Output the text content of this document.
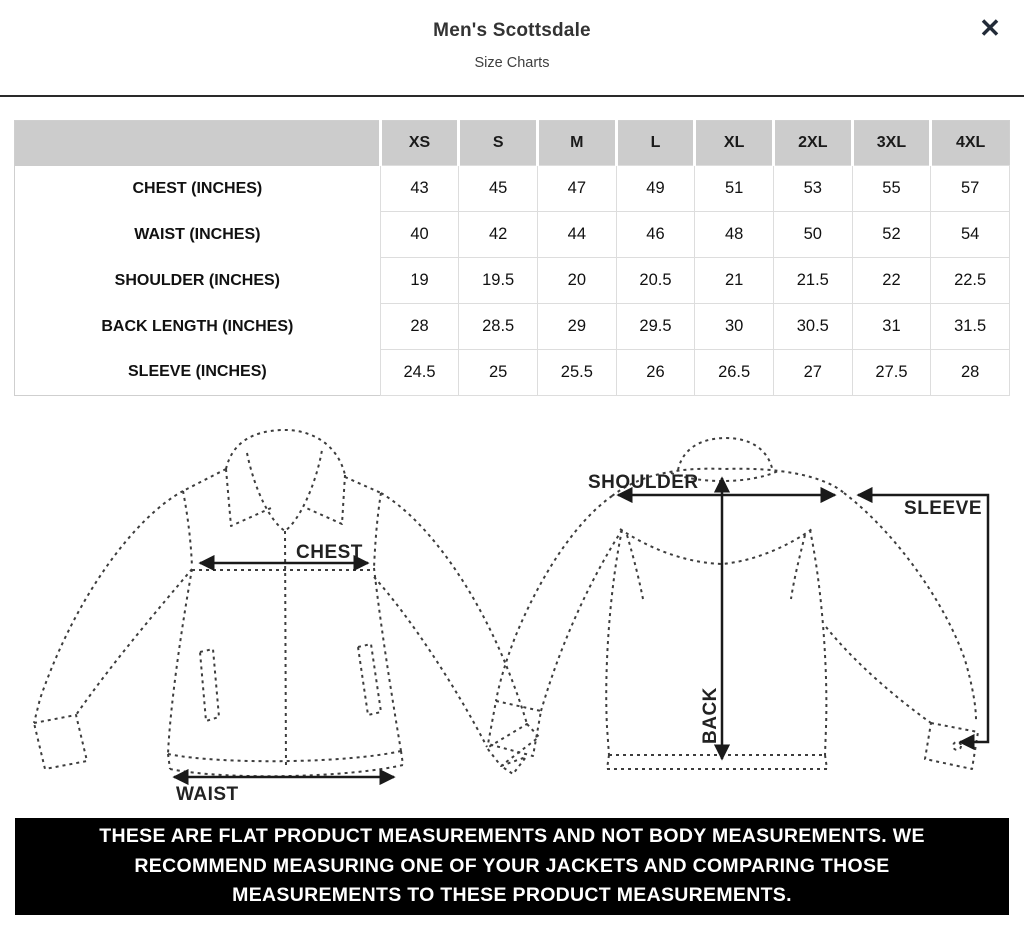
Men's Scottsdale
Size Charts
✕
	XS	S	M	L	XL	2XL	3XL	4XL
CHEST (INCHES)	43	45	47	49	51	53	55	57
WAIST (INCHES)	40	42	44	46	48	50	52	54
SHOULDER (INCHES)	19	19.5	20	20.5	21	21.5	22	22.5
BACK LENGTH (INCHES)	28	28.5	29	29.5	30	30.5	31	31.5
SLEEVE (INCHES)	24.5	25	25.5	26	26.5	27	27.5	28
CHEST
WAIST
SHOULDER
SLEEVE
BACK
THESE ARE FLAT PRODUCT MEASUREMENTS AND NOT BODY MEASUREMENTS. WE
RECOMMEND MEASURING ONE OF YOUR JACKETS AND COMPARING THOSE
MEASUREMENTS TO THESE PRODUCT MEASUREMENTS.
